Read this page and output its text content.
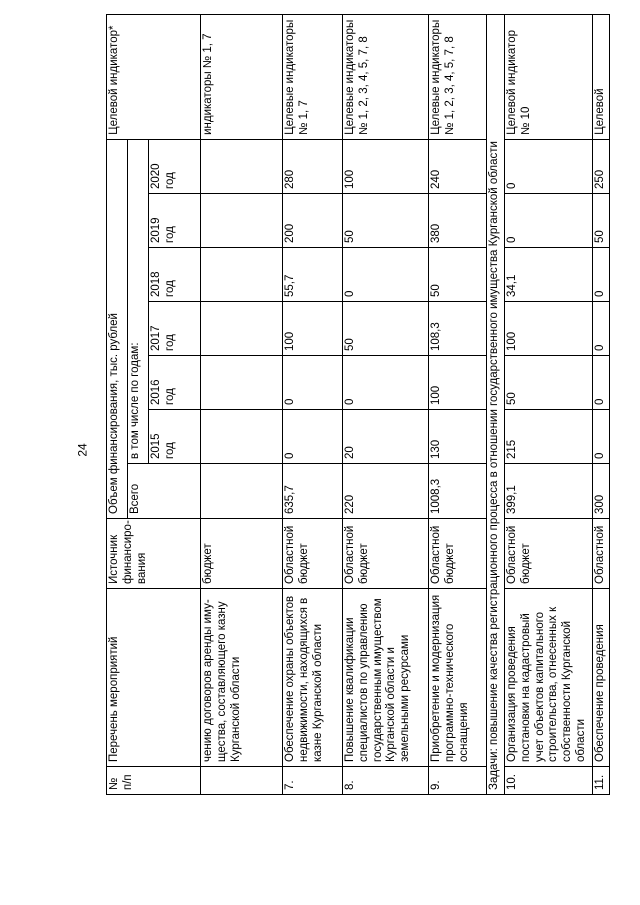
24
№ п/п	Перечень мероприятий	Источник финансиро-вания	Объем финансирования, тыс. рублей							Целевой индикатор*
			Всего	в том числе по годам:						
				2015 год	2016 год	2017 год	2018 год	2019 год	2020 год	
	чению договоров аренды иму-щества, составляющего казну Курганской области	бюджет								индикаторы № 1, 7
7.	Обеспечение охраны объектов недвижимости, находящихся в казне Курганской области	Областной бюджет	635,7	0	0	100	55,7	200	280	Целевые индикаторы № 1, 7
8.	Повышение квалификации специалистов по управлению государственным имуществом Курганской области и земельными ресурсами	Областной бюджет	220	20	0	50	0	50	100	Целевые индикаторы № 1, 2, 3, 4, 5, 7, 8
9.	Приобретение и модернизация программно-технического оснащения	Областной бюджет	1008,3	130	100	108,3	50	380	240	Целевые индикаторы № 1, 2, 3, 4, 5, 7, 8
Задачи: повышение качества регистрационного процесса в отношении государственного имущества Курганской области										
10.	Организация проведения постановки на кадастровый учет объектов капитального строительства, отнесенных к собственности Курганской области	Областной бюджет	399,1	215	50	100	34,1	0	0	Целевой индикатор № 10
11.	Обеспечение проведения	Областной	300	0	0	0	0	50	250	Целевой
